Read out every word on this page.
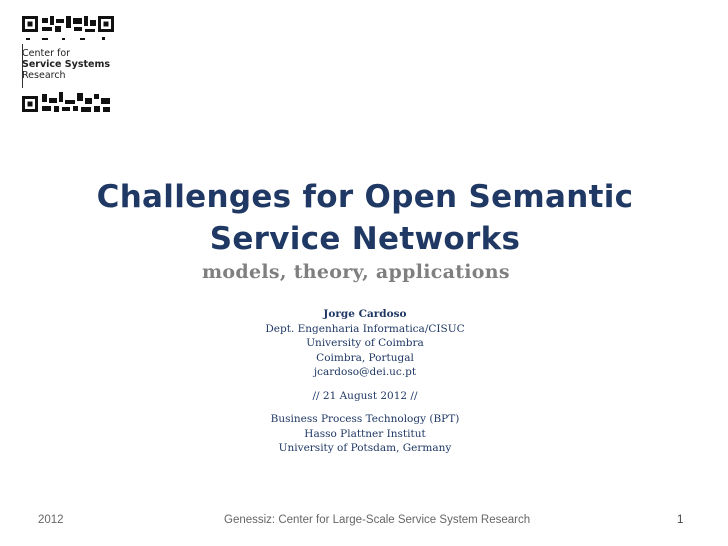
Center for
Service Systems
Research
Challenges for Open Semantic
Service Networks
models, theory, applications
Jorge Cardoso
Dept. Engenharia Informatica/CISUC
University of Coimbra
Coimbra, Portugal
jcardoso@dei.uc.pt
// 21 August 2012 //
Business Process Technology (BPT)
Hasso Plattner Institut
University of Potsdam, Germany
2012	Genessiz: Center for Large-Scale Service System Research	1
